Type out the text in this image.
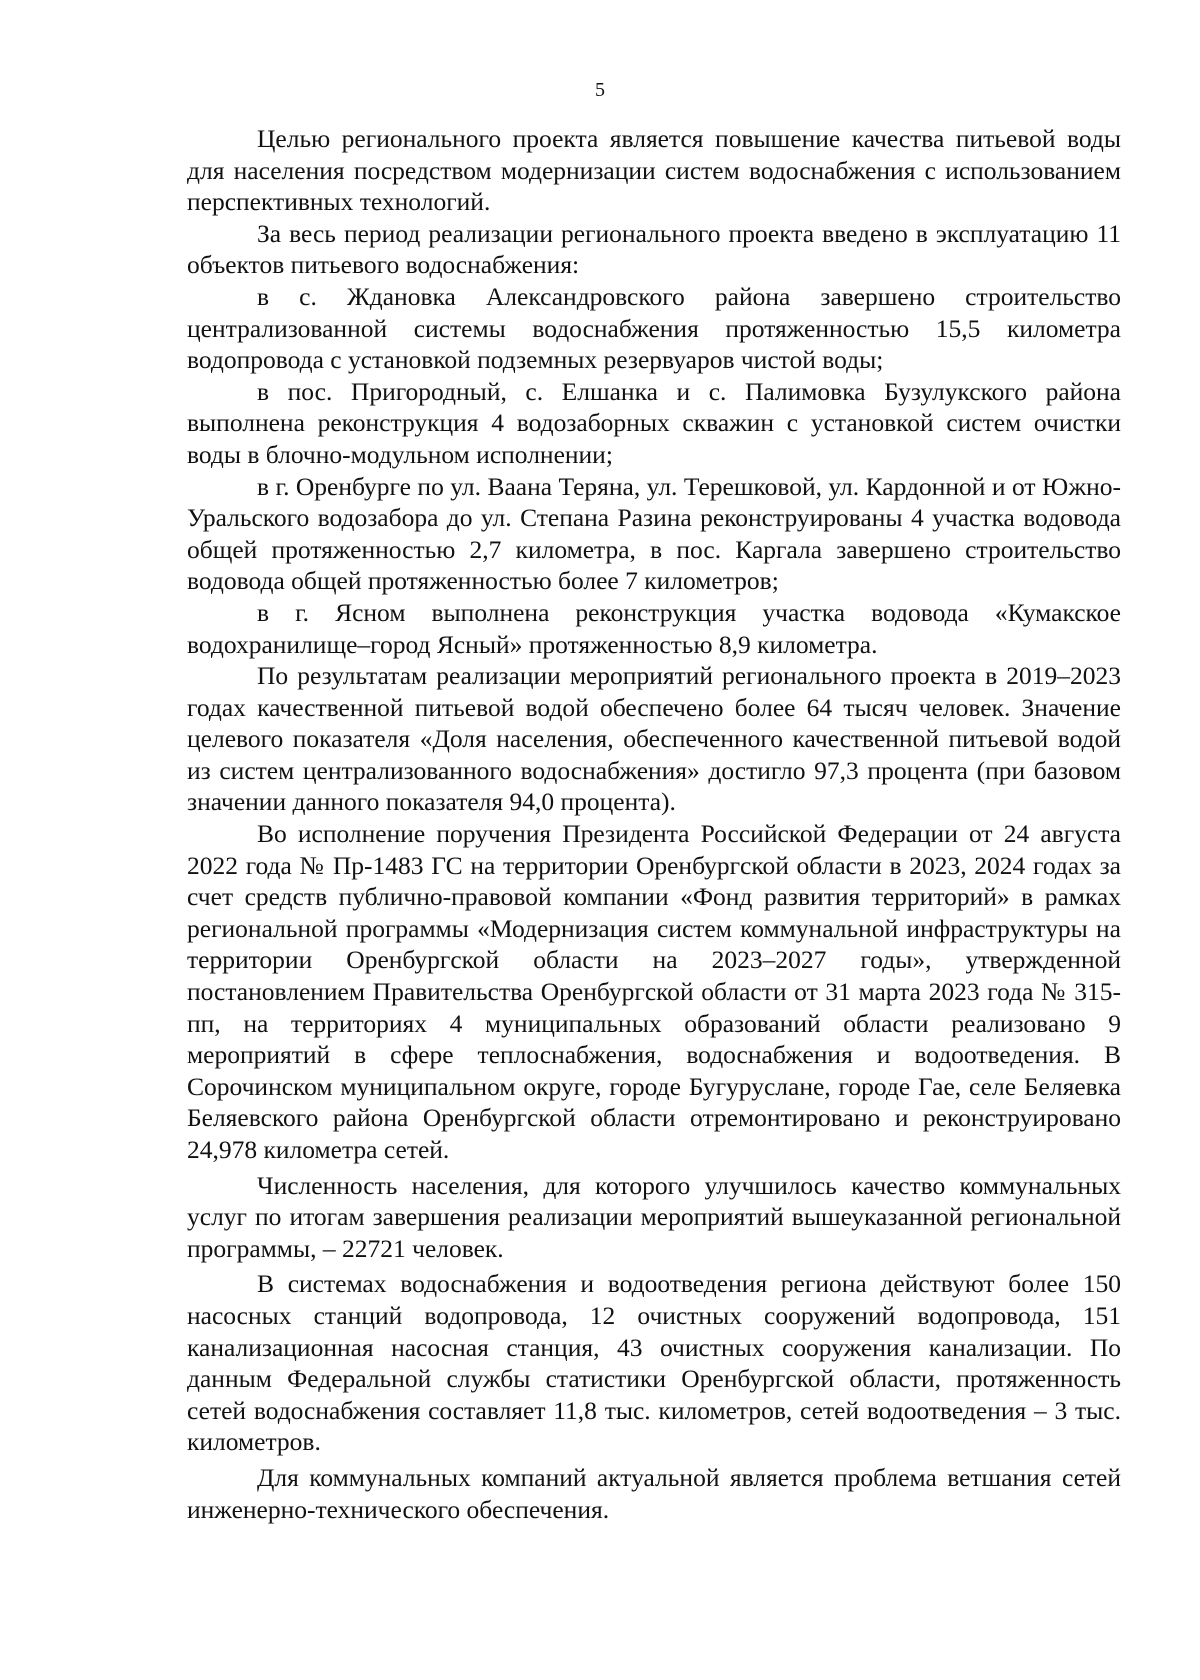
5

Целью регионального проекта является повышение качества питьевой воды для населения посредством модернизации систем водоснабжения с использованием перспективных технологий.

За весь период реализации регионального проекта введено в эксплуатацию 11 объектов питьевого водоснабжения:

в с. Ждановка Александровского района завершено строительство централизованной системы водоснабжения протяженностью 15,5 километра водопровода с установкой подземных резервуаров чистой воды;

в пос. Пригородный, с. Елшанка и с. Палимовка Бузулукского района выполнена реконструкция 4 водозаборных скважин с установкой систем очистки воды в блочно-модульном исполнении;

в г. Оренбурге по ул. Ваана Теряна, ул. Терешковой, ул. Кардонной и от Южно-Уральского водозабора до ул. Степана Разина реконструированы 4 участка водовода общей протяженностью 2,7 километра, в пос. Каргала завершено строительство водовода общей протяженностью более 7 километров;

в г. Ясном выполнена реконструкция участка водовода «Кумакское водохранилище–город Ясный» протяженностью 8,9 километра.

По результатам реализации мероприятий регионального проекта в 2019–2023 годах качественной питьевой водой обеспечено более 64 тысяч человек. Значение целевого показателя «Доля населения, обеспеченного качественной питьевой водой из систем централизованного водоснабжения» достигло 97,3 процента (при базовом значении данного показателя 94,0 процента).

Во исполнение поручения Президента Российской Федерации от 24 августа 2022 года № Пр-1483 ГС на территории Оренбургской области в 2023, 2024 годах за счет средств публично-правовой компании «Фонд развития территорий» в рамках региональной программы «Модернизация систем коммунальной инфраструктуры на территории Оренбургской области на 2023–2027 годы», утвержденной постановлением Правительства Оренбургской области от 31 марта 2023 года № 315-пп, на территориях 4 муниципальных образований области реализовано 9 мероприятий в сфере теплоснабжения, водоснабжения и водоотведения. В Сорочинском муниципальном округе, городе Бугуруслане, городе Гае, селе Беляевка Беляевского района Оренбургской области отремонтировано и реконструировано 24,978 километра сетей.

Численность населения, для которого улучшилось качество коммунальных услуг по итогам завершения реализации мероприятий вышеуказанной региональной программы, – 22721 человек.

В системах водоснабжения и водоотведения региона действуют более 150 насосных станций водопровода, 12 очистных сооружений водопровода, 151 канализационная насосная станция, 43 очистных сооружения канализации. По данным Федеральной службы статистики Оренбургской области, протяженность сетей водоснабжения составляет 11,8 тыс. километров, сетей водоотведения – 3 тыс. километров.

Для коммунальных компаний актуальной является проблема ветшания сетей инженерно-технического обеспечения.
